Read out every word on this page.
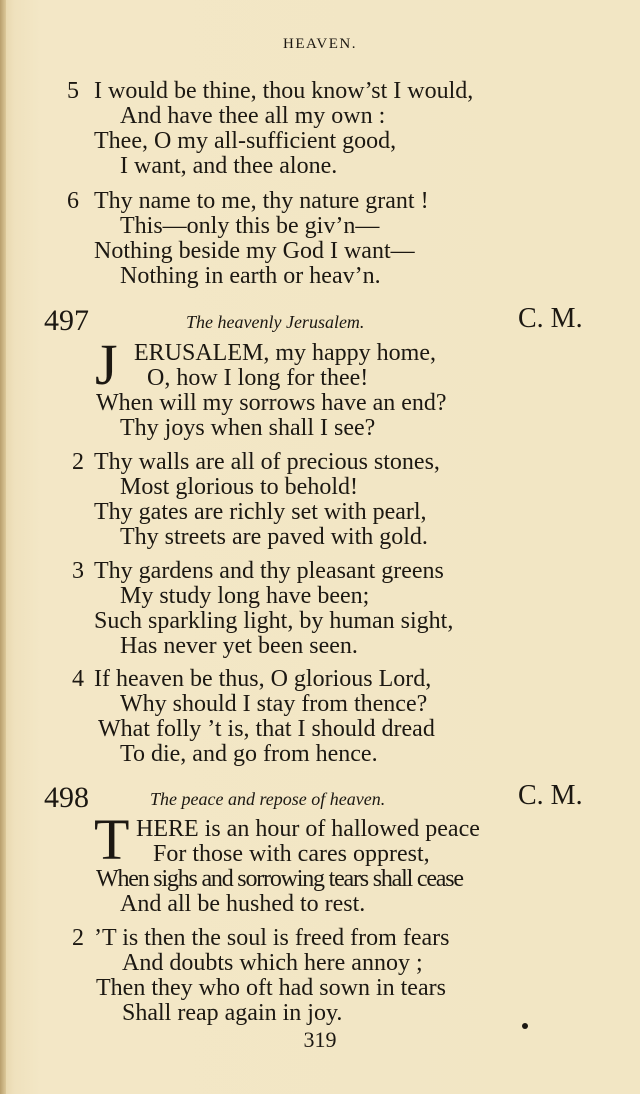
HEAVEN.
5 I would be thine, thou know’st I would,
And have thee all my own :
Thee, O my all-sufficient good,
I want, and thee alone.
6 Thy name to me, thy nature grant !
This—only this be giv’n—
Nothing beside my God I want—
Nothing in earth or heav’n.
497	The heavenly Jerusalem.	C. M.
J ERUSALEM, my happy home,
O, how I long for thee!
When will my sorrows have an end?
Thy joys when shall I see?
2 Thy walls are all of precious stones,
Most glorious to behold!
Thy gates are richly set with pearl,
Thy streets are paved with gold.
3 Thy gardens and thy pleasant greens
My study long have been;
Such sparkling light, by human sight,
Has never yet been seen.
4 If heaven be thus, O glorious Lord,
Why should I stay from thence?
What folly ’t is, that I should dread
To die, and go from hence.
498	The peace and repose of heaven.	C. M.
T HERE is an hour of hallowed peace
For those with cares opprest,
When sighs and sorrowing tears shall cease
And all be hushed to rest.
2 ’T is then the soul is freed from fears
And doubts which here annoy ;
Then they who oft had sown in tears
Shall reap again in joy.
319
